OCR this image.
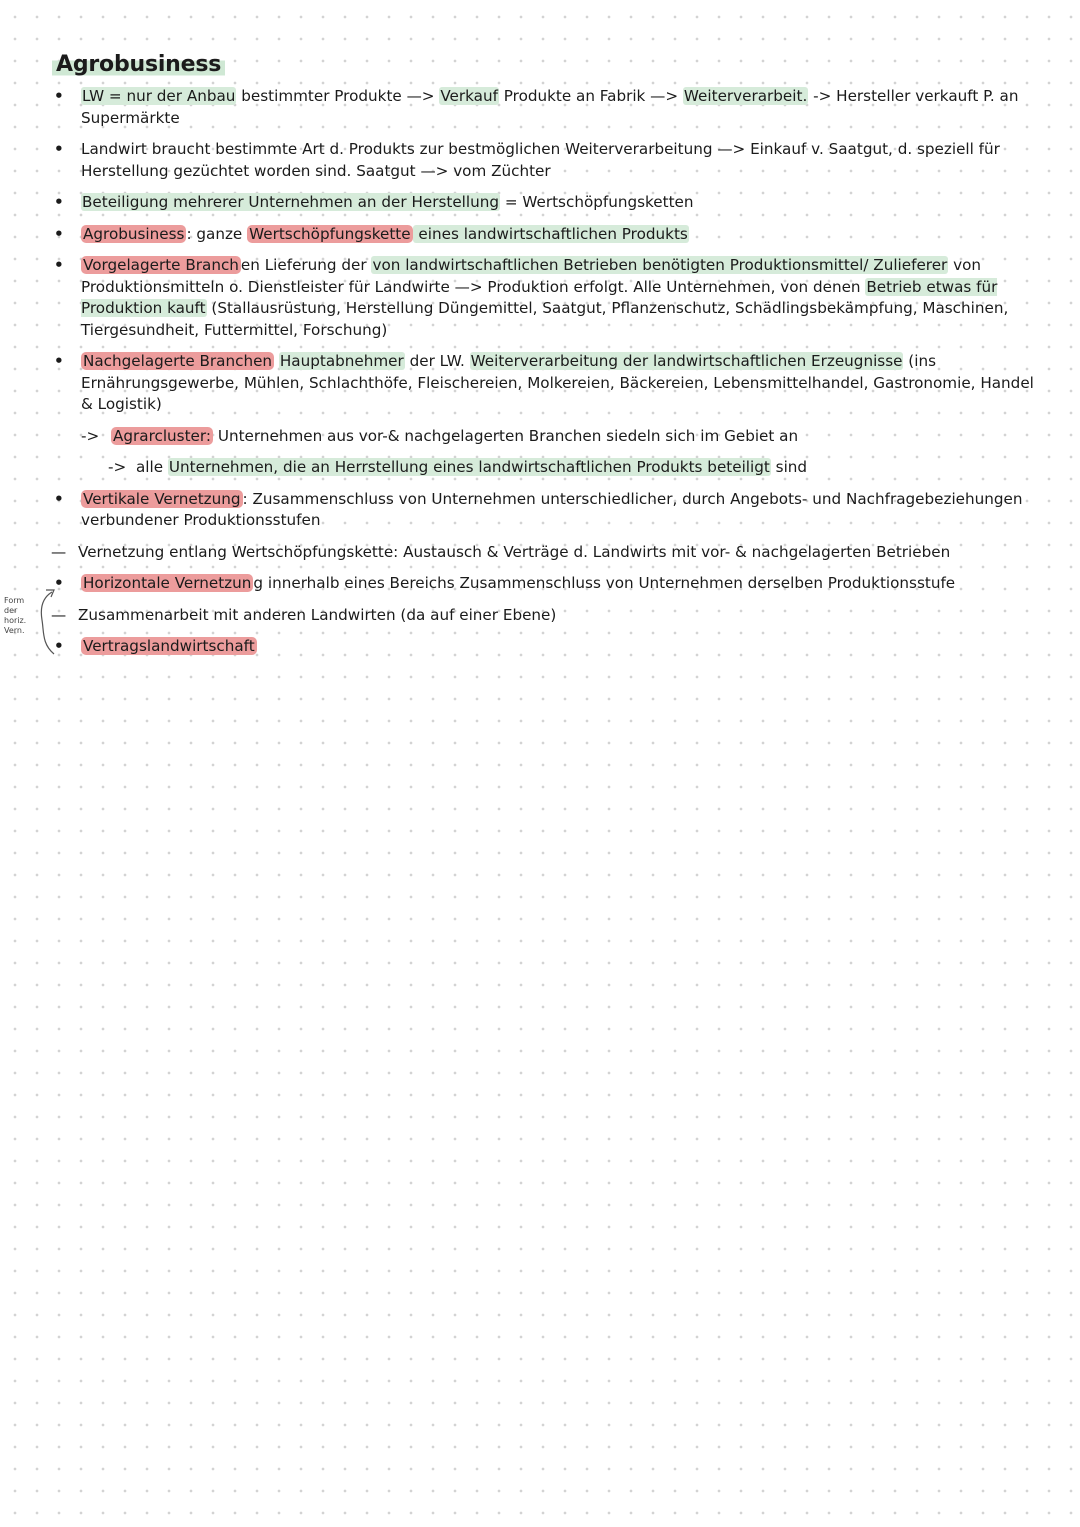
Agrobusiness
• LW = nur der Anbau bestimmter Produkte —> Verkauf Produkte an Fabrik —> Weiterverarbeit. -> Hersteller verkauft P. an Supermärkte
• Landwirt braucht bestimmte Art d. Produkts zur bestmöglichen Weiterverarbeitung —> Einkauf v. Saatgut, d. speziell für Herstellung gezüchtet worden sind. Saatgut —> vom Züchter
• Beteiligung mehrerer Unternehmen an der Herstellung = Wertschöpfungsketten
• Agrobusiness : ganze Wertschöpfungskette eines landwirtschaftlichen Produkts
• Vorgelagerte Branch en Lieferung der von landwirtschaftlichen Betrieben benötigten Produktionsmittel/ Zulieferer von Produktionsmitteln o. Dienstleister für Landwirte —> Produktion erfolgt. Alle Unternehmen, von denen Betrieb etwas für Produktion kauft (Stallausrüstung, Herstellung Düngemittel, Saatgut, Pflanzenschutz, Schädlingsbekämpfung, Maschinen, Tiergesundheit, Futtermittel, Forschung)
• Nachgelagerte Branchen Hauptabnehmer der LW. Weiterverarbeitung der landwirtschaftlichen Erzeugnisse (ins Ernährungsgewerbe, Mühlen, Schlachthöfe, Fleischereien, Molkereien, Bäckereien, Lebensmittelhandel, Gastronomie, Handel & Logistik)
-> Agrarcluster: Unternehmen aus vor-& nachgelagerten Branchen siedeln sich im Gebiet an
-> alle Unternehmen, die an Herrstellung eines landwirtschaftlichen Produkts beteiligt sind
• Vertikale Vernetzung : Zusammenschluss von Unternehmen unterschiedlicher, durch Angebots- und Nachfragebeziehungen verbundener Produktionsstufen
— Vernetzung entlang Wertschöpfungskette: Austausch & Verträge d. Landwirts mit vor- & nachgelagerten Betrieben
• Horizontale Vernetzun g innerhalb eines Bereichs Zusammenschluss von Unternehmen derselben Produktionsstufe
— Zusammenarbeit mit anderen Landwirten (da auf einer Ebene)
• Vertragslandwirtschaft
Form
der
horiz.
Vern.
